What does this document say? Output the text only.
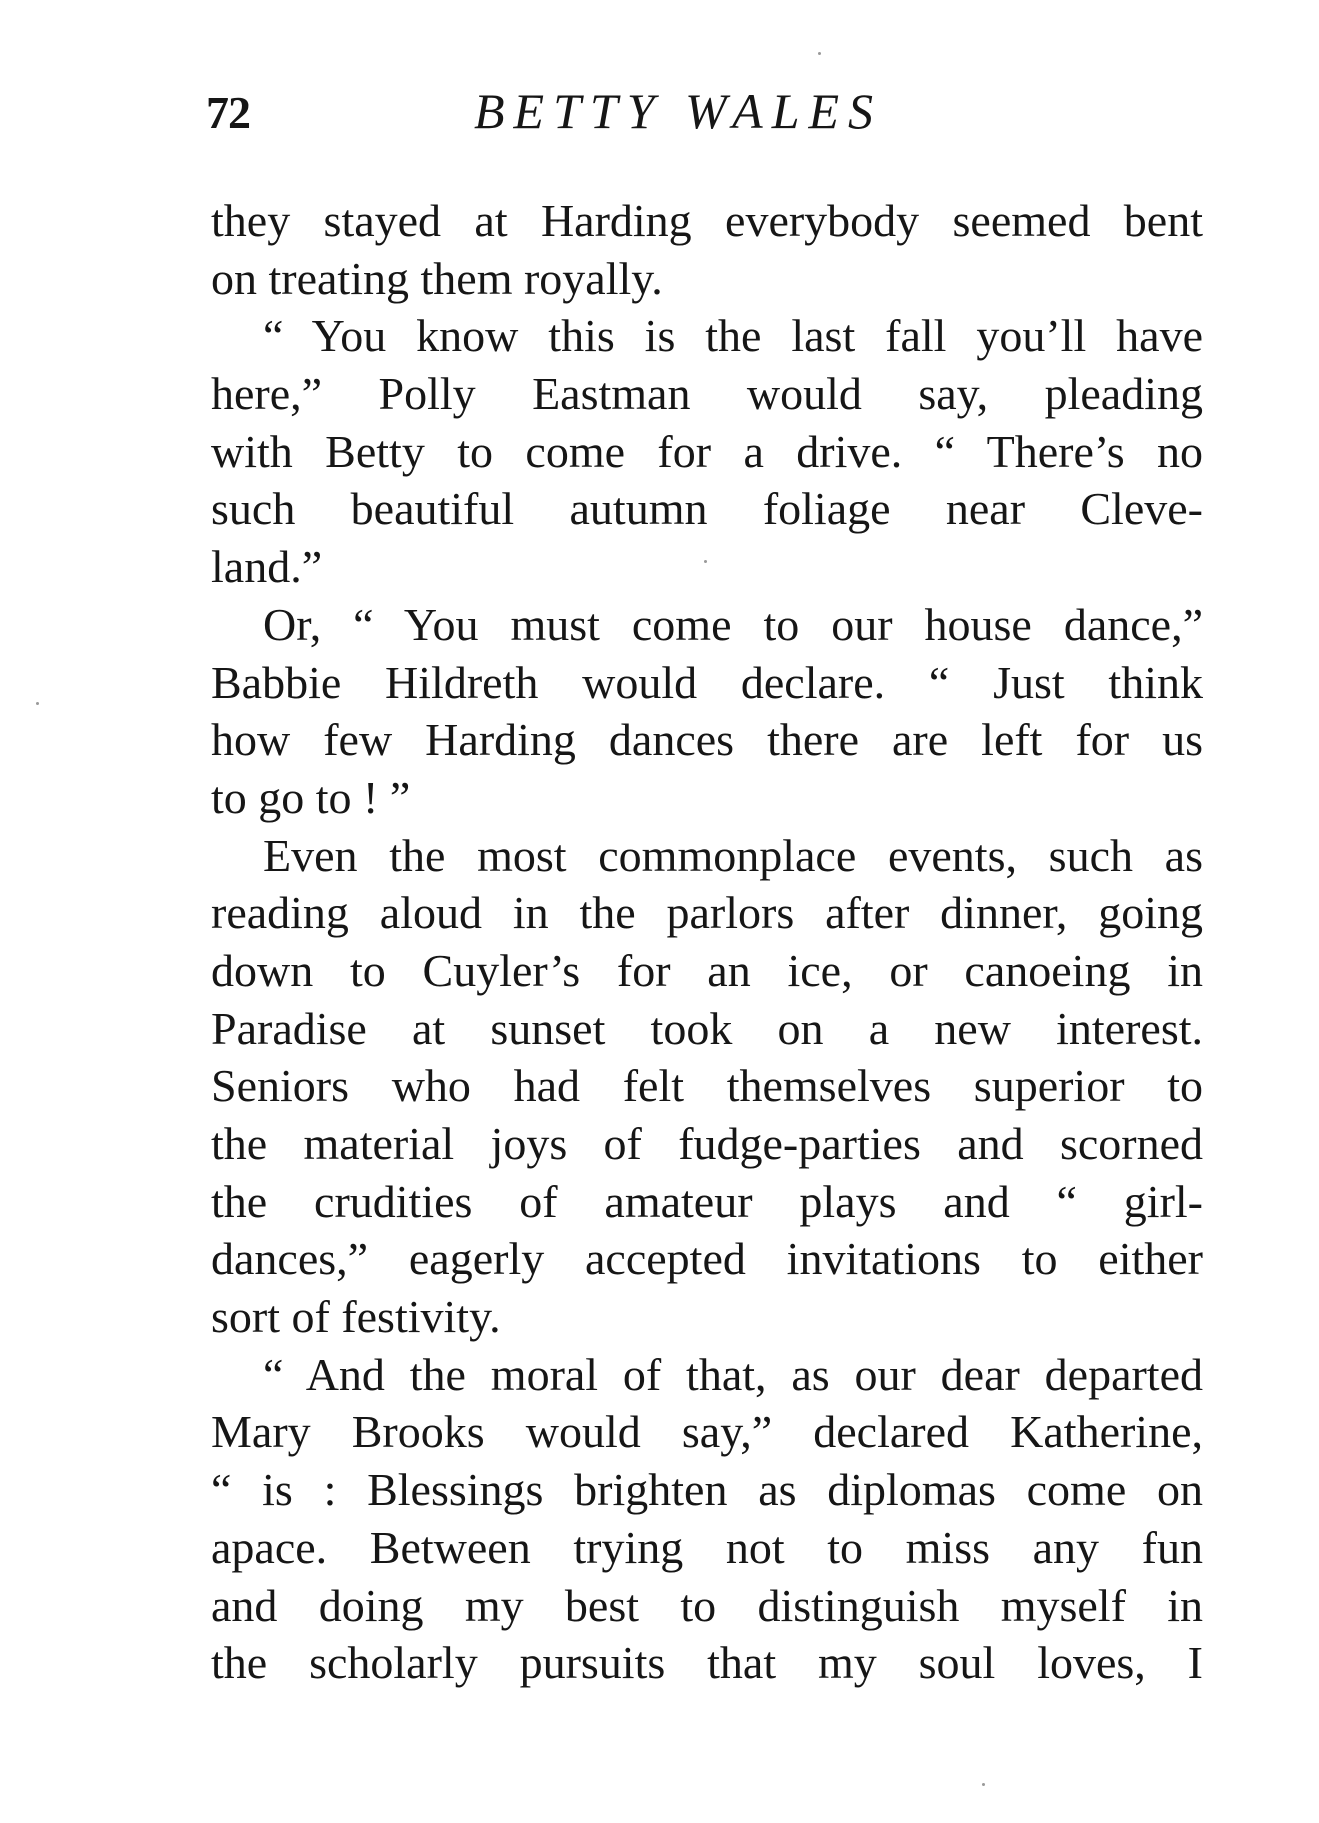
72	BETTY WALES
they stayed at Harding everybody seemed bent
on treating them royally.
“ You know this is the last fall you’ll have
here,” Polly Eastman would say, pleading
with Betty to come for a drive. “ There’s no
such beautiful autumn foliage near Cleve-
land.”
Or, “ You must come to our house dance,”
Babbie Hildreth would declare. “ Just think
how few Harding dances there are left for us
to go to ! ”
Even the most commonplace events, such as
reading aloud in the parlors after dinner, going
down to Cuyler’s for an ice, or canoeing in
Paradise at sunset took on a new interest.
Seniors who had felt themselves superior to
the material joys of fudge-parties and scorned
the crudities of amateur plays and “ girl-
dances,” eagerly accepted invitations to either
sort of festivity.
“ And the moral of that, as our dear departed
Mary Brooks would say,” declared Katherine,
“ is : Blessings brighten as diplomas come on
apace. Between trying not to miss any fun
and doing my best to distinguish myself in
the scholarly pursuits that my soul loves, I
